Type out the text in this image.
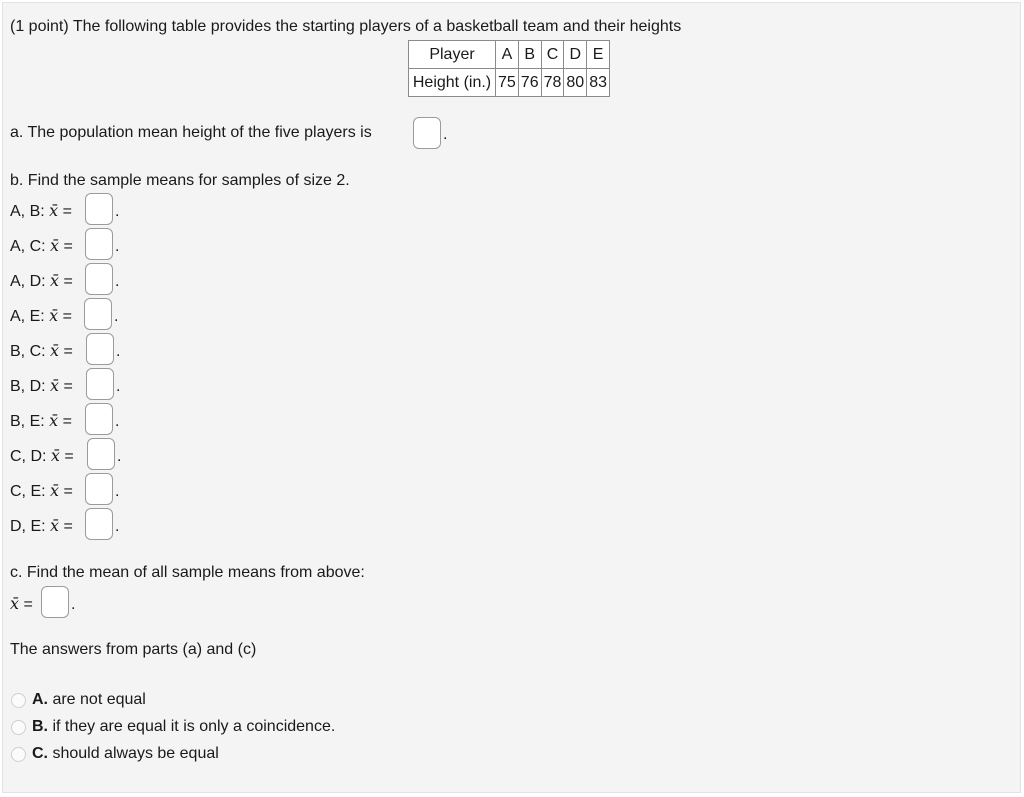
(1 point) The following table provides the starting players of a basketball team and their heights
Player	A	B	C	D	E
Height (in.)	75	76	78	80	83
a. The population mean height of the five players is	.
b. Find the sample means for samples of size 2.
A, B: x̄ =	.
A, C: x̄ =	.
A, D: x̄ =	.
A, E: x̄ =	.
B, C: x̄ =	.
B, D: x̄ =	.
B, E: x̄ =	.
C, D: x̄ =	.
C, E: x̄ =	.
D, E: x̄ =	.
c. Find the mean of all sample means from above:
x̄ = .
The answers from parts (a) and (c)
A. are not equal
B. if they are equal it is only a coincidence.
C. should always be equal
